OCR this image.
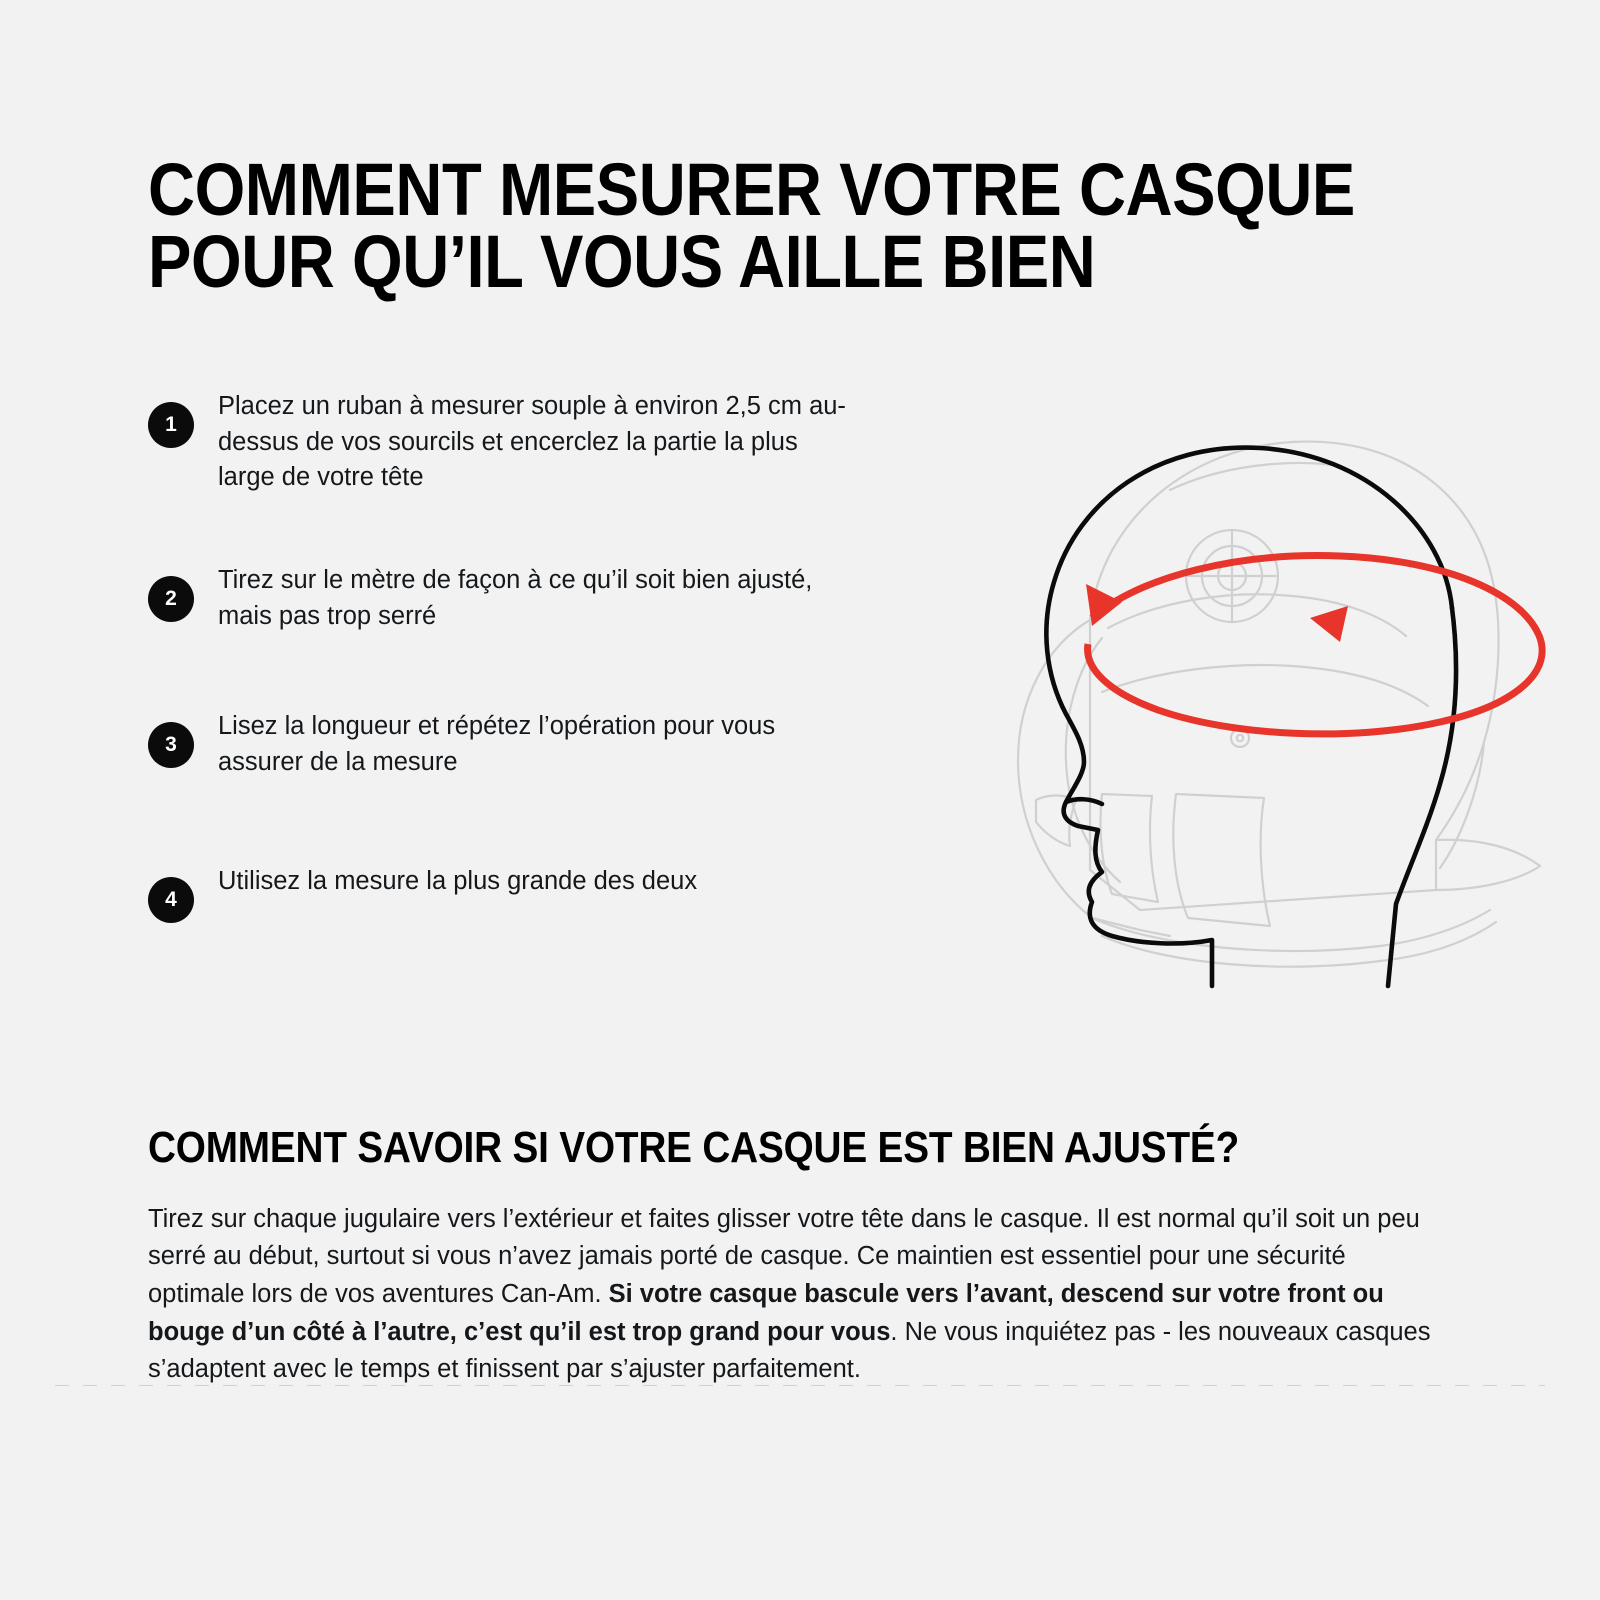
COMMENT MESURER VOTRE CASQUE
POUR QU’IL VOUS AILLE BIEN
1
Placez un ruban à mesurer souple à environ 2,5 cm au-dessus de vos sourcils et encerclez la partie la plus large de votre tête
2
Tirez sur le mètre de façon à ce qu’il soit bien ajusté, mais pas trop serré
3
Lisez la longueur et répétez l’opération pour vous assurer de la mesure
4
Utilisez la mesure la plus grande des deux
COMMENT SAVOIR SI VOTRE CASQUE EST BIEN AJUSTÉ?

Tirez sur chaque jugulaire vers l’extérieur et faites glisser votre tête dans le casque. Il est normal qu’il soit un peu serré au début, surtout si vous n’avez jamais porté de casque. Ce maintien est essentiel pour une sécurité optimale lors de vos aventures Can-Am. Si votre casque bascule vers l’avant, descend sur votre front ou bouge d’un côté à l’autre, c’est qu’il est trop grand pour vous. Ne vous inquiétez pas - les nouveaux casques s’adaptent avec le temps et finissent par s’ajuster parfaitement.
